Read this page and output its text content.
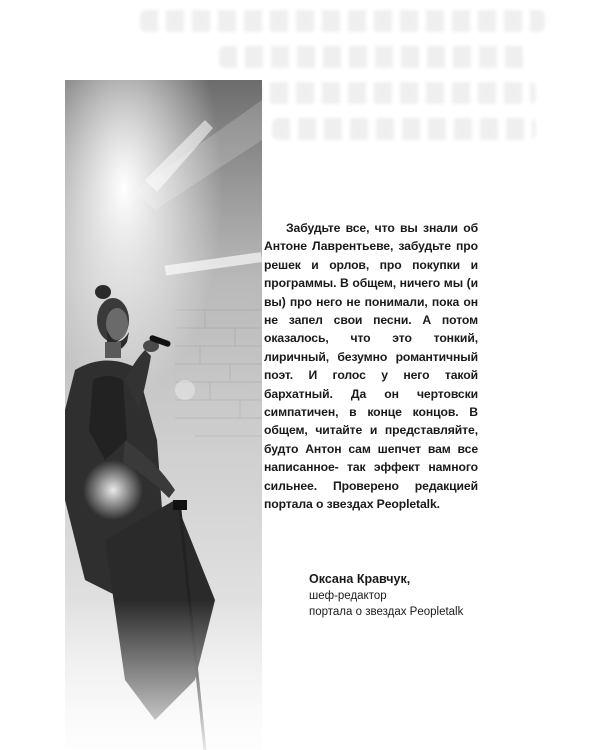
Забудьте все, что вы знали об Антоне Лаврентьеве, забудьте про решек и орлов, про покупки и программы. В общем, ничего мы (и вы) про него не понимали, пока он не запел свои песни. А потом оказалось, что это тонкий, лиричный, безумно романтичный поэт. И голос у него такой бархатный. Да он чертовски симпатичен, в конце концов. В общем, читайте и представляйте, будто Антон сам шепчет вам все написанное- так эффект намного сильнее. Проверено редакцией портала о звездах Peopletalk.

Оксана Кравчук,
шеф-редактор
портала о звездах Peopletalk
